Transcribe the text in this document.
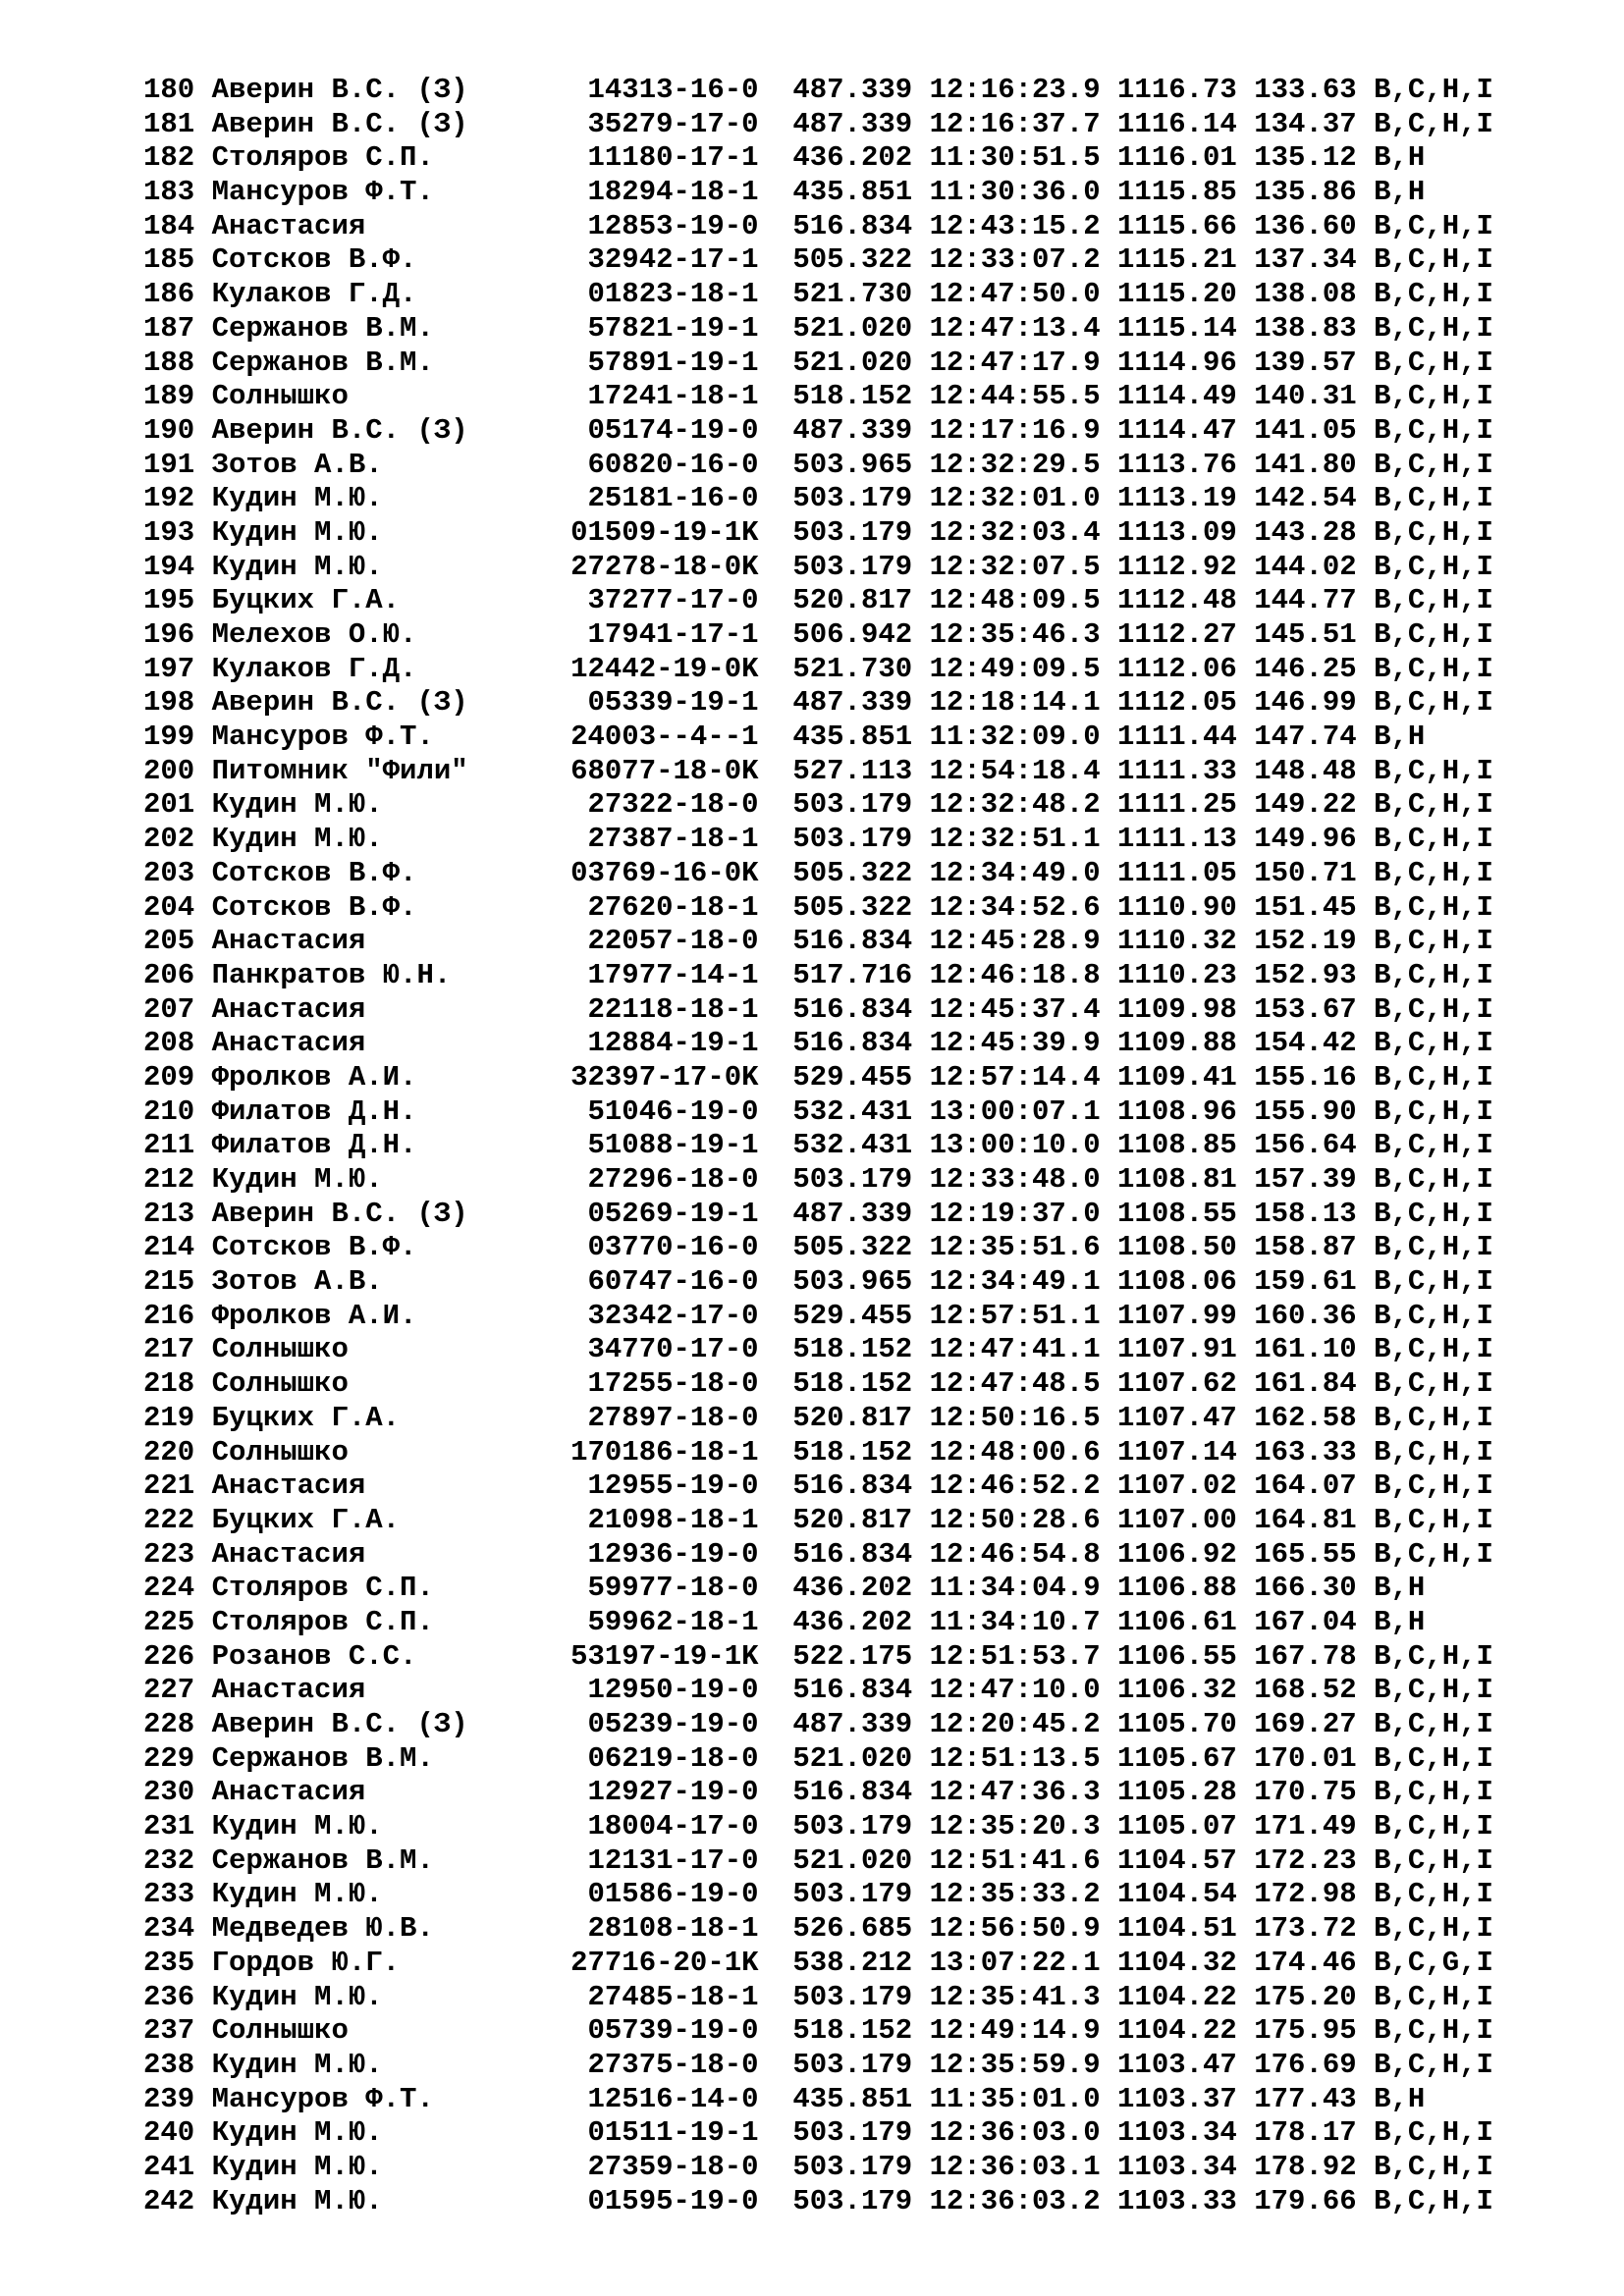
180 Аверин В.С. (З)       14313-16-0  487.339 12:16:23.9 1116.73 133.63 B,C,H,I
181 Аверин В.С. (З)       35279-17-0  487.339 12:16:37.7 1116.14 134.37 B,C,H,I
182 Столяров С.П.         11180-17-1  436.202 11:30:51.5 1116.01 135.12 B,H
183 Мансуров Ф.Т.         18294-18-1  435.851 11:30:36.0 1115.85 135.86 B,H
184 Анастасия             12853-19-0  516.834 12:43:15.2 1115.66 136.60 B,C,H,I
185 Сотсков В.Ф.          32942-17-1  505.322 12:33:07.2 1115.21 137.34 B,C,H,I
186 Кулаков Г.Д.          01823-18-1  521.730 12:47:50.0 1115.20 138.08 B,C,H,I
187 Сержанов В.М.         57821-19-1  521.020 12:47:13.4 1115.14 138.83 B,C,H,I
188 Сержанов В.М.         57891-19-1  521.020 12:47:17.9 1114.96 139.57 B,C,H,I
189 Солнышко              17241-18-1  518.152 12:44:55.5 1114.49 140.31 B,C,H,I
190 Аверин В.С. (З)       05174-19-0  487.339 12:17:16.9 1114.47 141.05 B,C,H,I
191 Зотов А.В.            60820-16-0  503.965 12:32:29.5 1113.76 141.80 B,C,H,I
192 Кудин М.Ю.            25181-16-0  503.179 12:32:01.0 1113.19 142.54 B,C,H,I
193 Кудин М.Ю.           01509-19-1K  503.179 12:32:03.4 1113.09 143.28 B,C,H,I
194 Кудин М.Ю.           27278-18-0K  503.179 12:32:07.5 1112.92 144.02 B,C,H,I
195 Буцких Г.А.           37277-17-0  520.817 12:48:09.5 1112.48 144.77 B,C,H,I
196 Мелехов О.Ю.          17941-17-1  506.942 12:35:46.3 1112.27 145.51 B,C,H,I
197 Кулаков Г.Д.         12442-19-0K  521.730 12:49:09.5 1112.06 146.25 B,C,H,I
198 Аверин В.С. (З)       05339-19-1  487.339 12:18:14.1 1112.05 146.99 B,C,H,I
199 Мансуров Ф.Т.        24003--4--1  435.851 11:32:09.0 1111.44 147.74 B,H
200 Питомник "Фили"      68077-18-0K  527.113 12:54:18.4 1111.33 148.48 B,C,H,I
201 Кудин М.Ю.            27322-18-0  503.179 12:32:48.2 1111.25 149.22 B,C,H,I
202 Кудин М.Ю.            27387-18-1  503.179 12:32:51.1 1111.13 149.96 B,C,H,I
203 Сотсков В.Ф.         03769-16-0K  505.322 12:34:49.0 1111.05 150.71 B,C,H,I
204 Сотсков В.Ф.          27620-18-1  505.322 12:34:52.6 1110.90 151.45 B,C,H,I
205 Анастасия             22057-18-0  516.834 12:45:28.9 1110.32 152.19 B,C,H,I
206 Панкратов Ю.Н.        17977-14-1  517.716 12:46:18.8 1110.23 152.93 B,C,H,I
207 Анастасия             22118-18-1  516.834 12:45:37.4 1109.98 153.67 B,C,H,I
208 Анастасия             12884-19-1  516.834 12:45:39.9 1109.88 154.42 B,C,H,I
209 Фролков А.И.         32397-17-0K  529.455 12:57:14.4 1109.41 155.16 B,C,H,I
210 Филатов Д.Н.          51046-19-0  532.431 13:00:07.1 1108.96 155.90 B,C,H,I
211 Филатов Д.Н.          51088-19-1  532.431 13:00:10.0 1108.85 156.64 B,C,H,I
212 Кудин М.Ю.            27296-18-0  503.179 12:33:48.0 1108.81 157.39 B,C,H,I
213 Аверин В.С. (З)       05269-19-1  487.339 12:19:37.0 1108.55 158.13 B,C,H,I
214 Сотсков В.Ф.          03770-16-0  505.322 12:35:51.6 1108.50 158.87 B,C,H,I
215 Зотов А.В.            60747-16-0  503.965 12:34:49.1 1108.06 159.61 B,C,H,I
216 Фролков А.И.          32342-17-0  529.455 12:57:51.1 1107.99 160.36 B,C,H,I
217 Солнышко              34770-17-0  518.152 12:47:41.1 1107.91 161.10 B,C,H,I
218 Солнышко              17255-18-0  518.152 12:47:48.5 1107.62 161.84 B,C,H,I
219 Буцких Г.А.           27897-18-0  520.817 12:50:16.5 1107.47 162.58 B,C,H,I
220 Солнышко             170186-18-1  518.152 12:48:00.6 1107.14 163.33 B,C,H,I
221 Анастасия             12955-19-0  516.834 12:46:52.2 1107.02 164.07 B,C,H,I
222 Буцких Г.А.           21098-18-1  520.817 12:50:28.6 1107.00 164.81 B,C,H,I
223 Анастасия             12936-19-0  516.834 12:46:54.8 1106.92 165.55 B,C,H,I
224 Столяров С.П.         59977-18-0  436.202 11:34:04.9 1106.88 166.30 B,H
225 Столяров С.П.         59962-18-1  436.202 11:34:10.7 1106.61 167.04 B,H
226 Розанов С.С.         53197-19-1K  522.175 12:51:53.7 1106.55 167.78 B,C,H,I
227 Анастасия             12950-19-0  516.834 12:47:10.0 1106.32 168.52 B,C,H,I
228 Аверин В.С. (З)       05239-19-0  487.339 12:20:45.2 1105.70 169.27 B,C,H,I
229 Сержанов В.М.         06219-18-0  521.020 12:51:13.5 1105.67 170.01 B,C,H,I
230 Анастасия             12927-19-0  516.834 12:47:36.3 1105.28 170.75 B,C,H,I
231 Кудин М.Ю.            18004-17-0  503.179 12:35:20.3 1105.07 171.49 B,C,H,I
232 Сержанов В.М.         12131-17-0  521.020 12:51:41.6 1104.57 172.23 B,C,H,I
233 Кудин М.Ю.            01586-19-0  503.179 12:35:33.2 1104.54 172.98 B,C,H,I
234 Медведев Ю.В.         28108-18-1  526.685 12:56:50.9 1104.51 173.72 B,C,H,I
235 Гордов Ю.Г.          27716-20-1K  538.212 13:07:22.1 1104.32 174.46 B,C,G,I
236 Кудин М.Ю.            27485-18-1  503.179 12:35:41.3 1104.22 175.20 B,C,H,I
237 Солнышко              05739-19-0  518.152 12:49:14.9 1104.22 175.95 B,C,H,I
238 Кудин М.Ю.            27375-18-0  503.179 12:35:59.9 1103.47 176.69 B,C,H,I
239 Мансуров Ф.Т.         12516-14-0  435.851 11:35:01.0 1103.37 177.43 B,H
240 Кудин М.Ю.            01511-19-1  503.179 12:36:03.0 1103.34 178.17 B,C,H,I
241 Кудин М.Ю.            27359-18-0  503.179 12:36:03.1 1103.34 178.92 B,C,H,I
242 Кудин М.Ю.            01595-19-0  503.179 12:36:03.2 1103.33 179.66 B,C,H,I
